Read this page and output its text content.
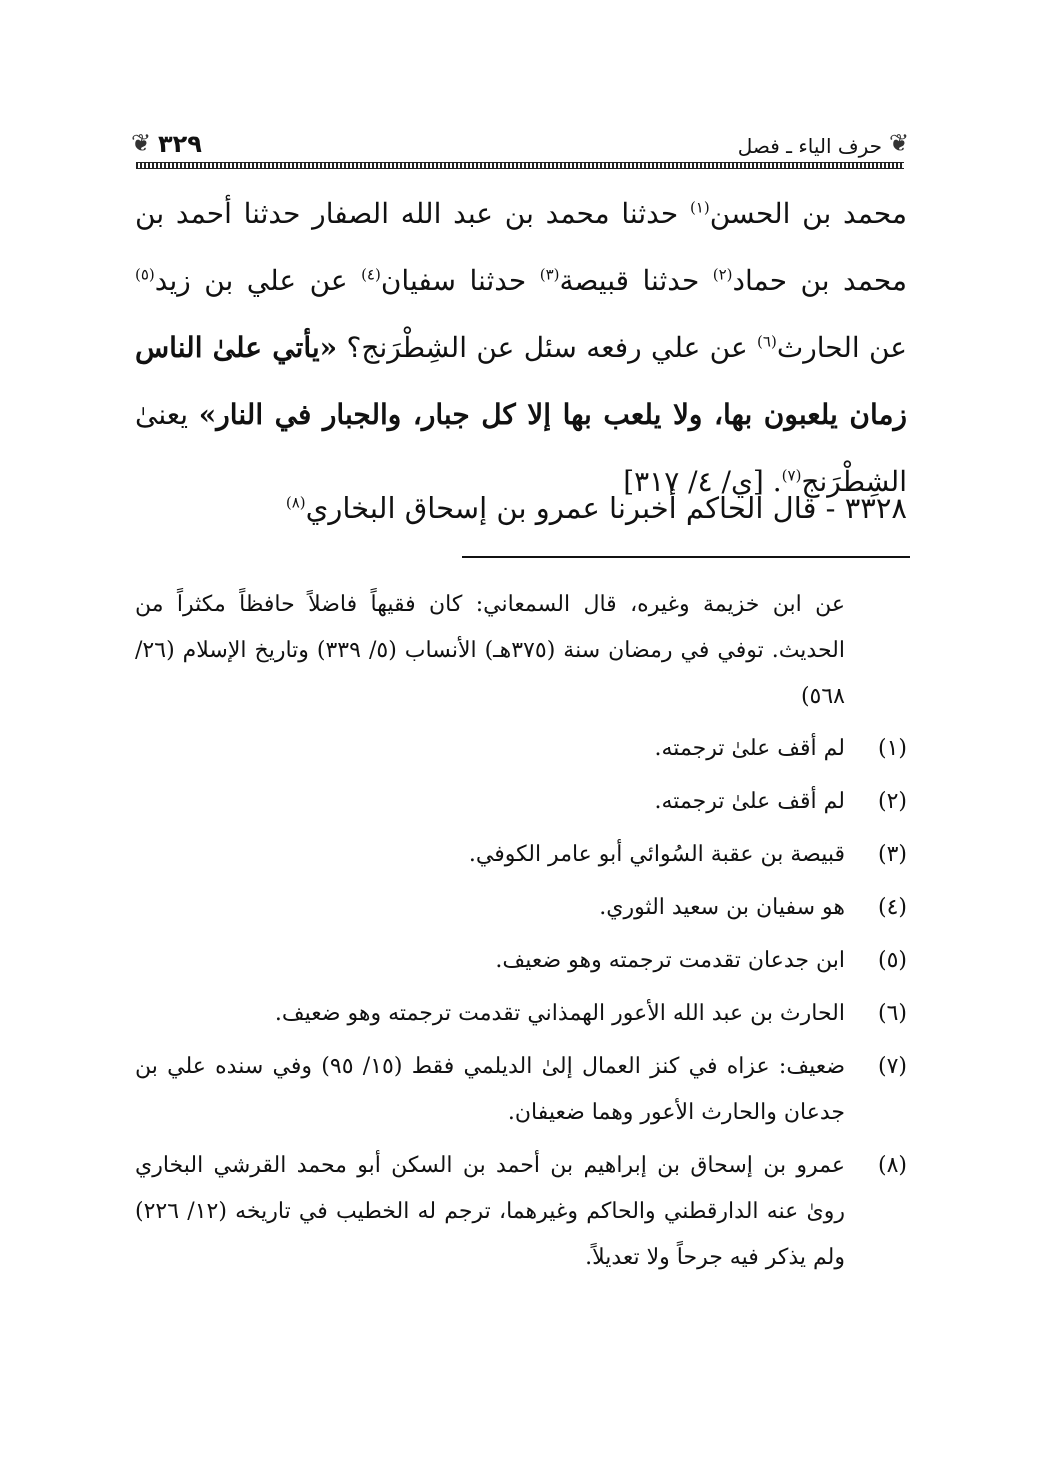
❦
حرف الياء ـ فصل
٣٢٩
❦

محمد بن الحسن$^{(١)}$ حدثنا محمد بن عبد الله الصفار حدثنا أحمد بن محمد بن حماد$^{(٢)}$ حدثنا قبيصة$^{(٣)}$ حدثنا سفيان$^{(٤)}$ عن علي بن زيد$^{(٥)}$ عن الحارث$^{(٦)}$ عن علي رفعه سئل عن الشِطْرَنج؟ «يأتي علىٰ الناس زمان يلعبون بها، ولا يلعب بها إلا كل جبار، والجبار في النار» يعنىٰ الشِطْرَنج$^{(٧)}$. [ي/ ٤/ ٣١٧]

٣٣٢٨ - قال الحاكم أخبرنا عمرو بن إسحاق البخاري$^{(٨)}$

عن ابن خزيمة وغيره، قال السمعاني: كان فقيهاً فاضلاً حافظاً مكثراً من الحديث. توفي في رمضان سنة (٣٧٥هـ) الأنساب (٥/ ٣٣٩) وتاريخ الإسلام (٢٦/ ٥٦٨)

(١)
لم أقف علىٰ ترجمته.
(٢)
لم أقف علىٰ ترجمته.
(٣)
قبيصة بن عقبة السُوائي أبو عامر الكوفي.
(٤)
هو سفيان بن سعيد الثوري.
(٥)
ابن جدعان تقدمت ترجمته وهو ضعيف.
(٦)
الحارث بن عبد الله الأعور الهمذاني تقدمت ترجمته وهو ضعيف.
(٧)
ضعيف: عزاه في كنز العمال إلىٰ الديلمي فقط (١٥/ ٩٥) وفي سنده علي بن جدعان والحارث الأعور وهما ضعيفان.
(٨)
عمرو بن إسحاق بن إبراهيم بن أحمد بن السكن أبو محمد القرشي البخاري روىٰ عنه الدارقطني والحاكم وغيرهما، ترجم له الخطيب في تاريخه (١٢/ ٢٢٦) ولم يذكر فيه جرحاً ولا تعديلاً.
